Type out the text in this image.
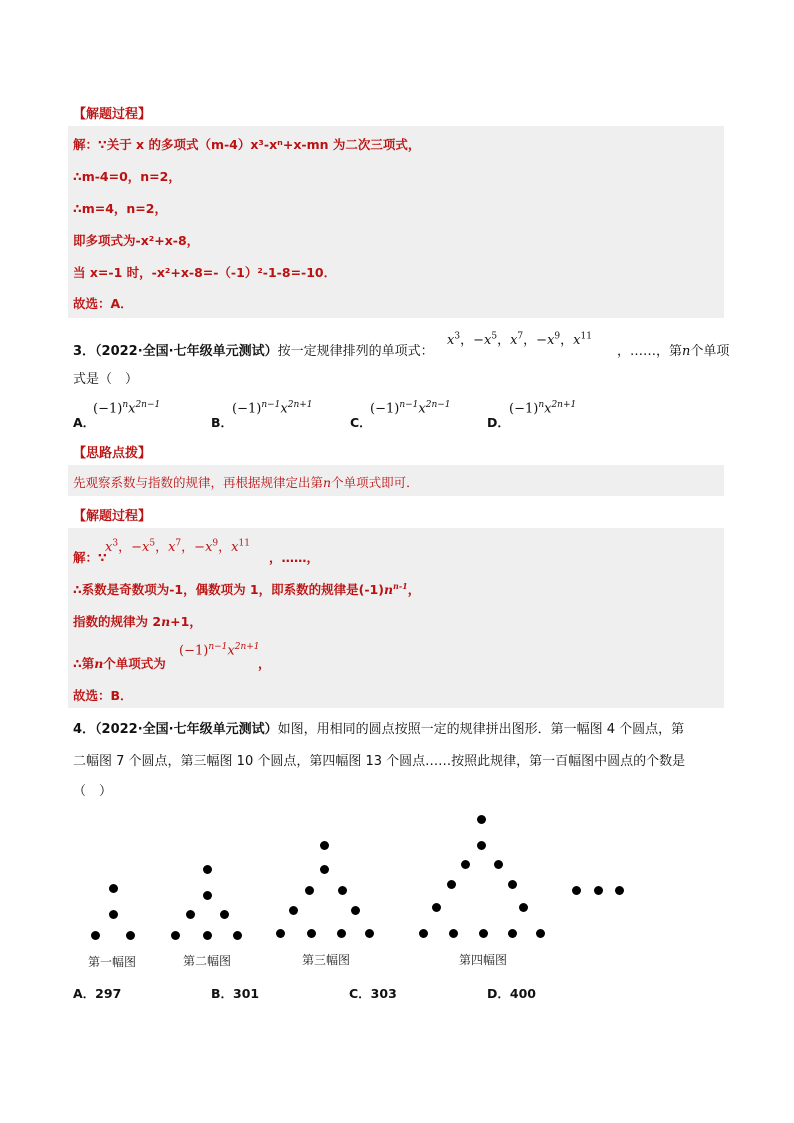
【解题过程】
解：∵关于 x 的多项式（m-4）x³-xⁿ+x-mn 为二次三项式，
∴m-4=0，n=2，
∴m=4，n=2，
即多项式为-x²+x-8，
当 x=-1 时，-x²+x-8=-（-1）²-1-8=-10．
故选：A．
3．（2022·全国·七年级单元测试）按一定规律排列的单项式：
$x^3$，$-x^5$，$x^7$，$-x^9$，$x^{11}$
，……，第n个单项
式是（　）
A．
$(-1)^nx^{2n-1}$
B．
$(-1)^{n-1}x^{2n+1}$
C．
$(-1)^{n-1}x^{2n-1}$
D．
$(-1)^nx^{2n+1}$
【思路点拨】
先观察系数与指数的规律，再根据规律定出第n个单项式即可．
【解题过程】
解：∵
$x^3$，$-x^5$，$x^7$，$-x^9$，$x^{11}$
，……，
∴系数是奇数项为-1，偶数项为 1，即系数的规律是$(-1)n^{n-1}$，
指数的规律为 2n+1，
∴第n个单项式为
$(-1)^{n-1}x^{2n+1}$
，
故选：B．
4．（2022·全国·七年级单元测试）如图，用相同的圆点按照一定的规律拼出图形．第一幅图 4 个圆点，第
二幅图 7 个圆点，第三幅图 10 个圆点，第四幅图 13 个圆点……按照此规律，第一百幅图中圆点的个数是
（　）
第一幅图	第二幅图	第三幅图	第四幅图
A．297	B．301	C．303	D．400
